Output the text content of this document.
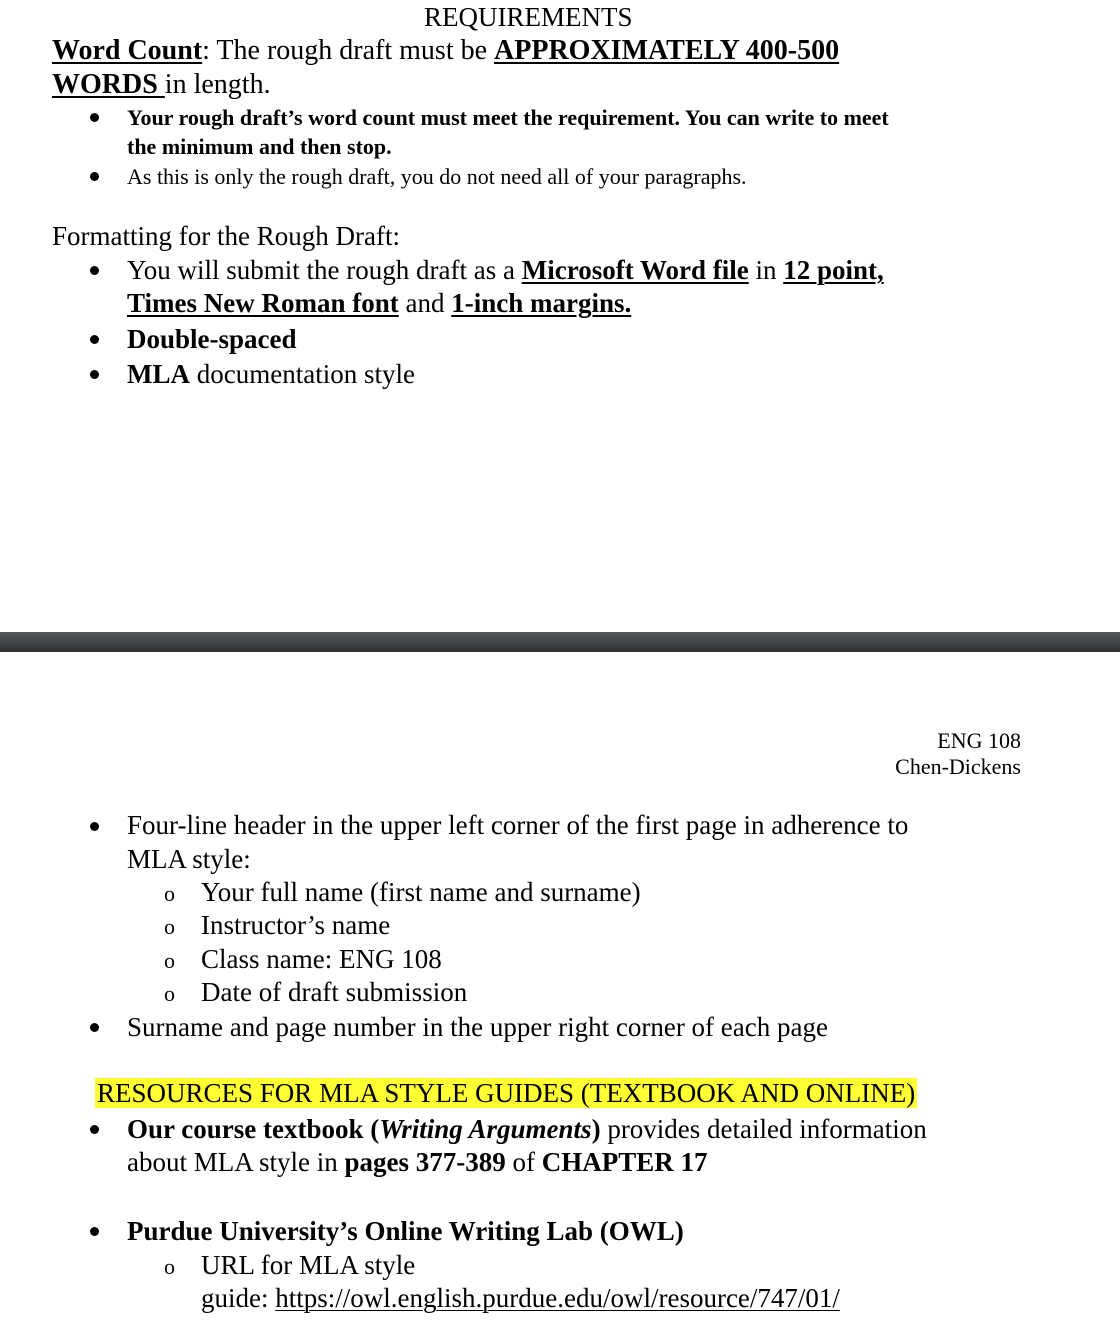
REQUIREMENTS
Word Count: The rough draft must be APPROXIMATELY 400-500
WORDS in length.
Your rough draft’s word count must meet the requirement. You can write to meet
the minimum and then stop.
As this is only the rough draft, you do not need all of your paragraphs.
Formatting for the Rough Draft:
You will submit the rough draft as a Microsoft Word file in 12 point,
Times New Roman font and 1-inch margins.
Double-spaced
MLA documentation style
ENG 108
Chen-Dickens
Four-line header in the upper left corner of the first page in adherence to
MLA style:
o Your full name (first name and surname)
o Instructor’s name
o Class name: ENG 108
o Date of draft submission
Surname and page number in the upper right corner of each page
RESOURCES FOR MLA STYLE GUIDES (TEXTBOOK AND ONLINE)
Our course textbook (Writing Arguments) provides detailed information
about MLA style in pages 377-389 of CHAPTER 17
Purdue University’s Online Writing Lab (OWL)
o URL for MLA style
guide: https://owl.english.purdue.edu/owl/resource/747/01/
